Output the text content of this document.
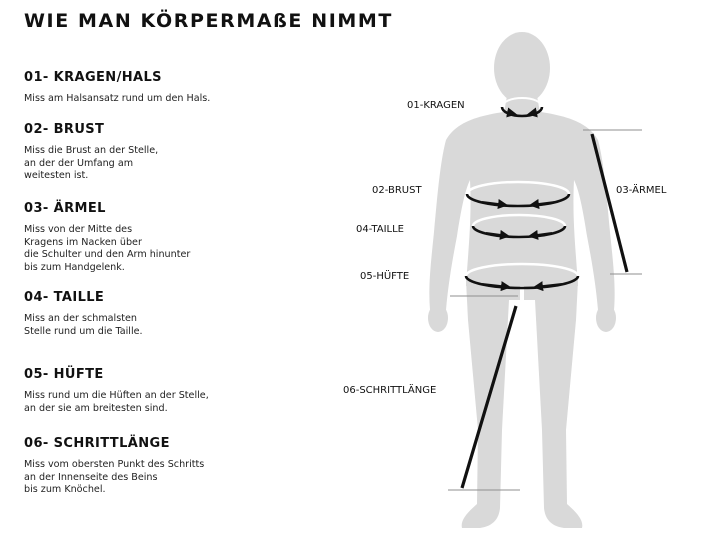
WIE MAN KÖRPERMAßE NIMMT
01- KRAGEN/HALS
Miss am Halsansatz rund um den Hals.
02- BRUST
Miss die Brust an der Stelle,
an der der Umfang am
weitesten ist.
03- ÄRMEL
Miss von der Mitte des
Kragens im Nacken über
die Schulter und den Arm hinunter
bis zum Handgelenk.
04- TAILLE
Miss an der schmalsten
Stelle rund um die Taille.
05- HÜFTE
Miss rund um die Hüften an der Stelle,
an der sie am breitesten sind.
06- SCHRITTLÄNGE
Miss vom obersten Punkt des Schritts
an der Innenseite des Beins
bis zum Knöchel.
01-KRAGEN
02-BRUST	03-ÄRMEL
04-TAILLE
05-HÜFTE
06-SCHRITTLÄNGE
